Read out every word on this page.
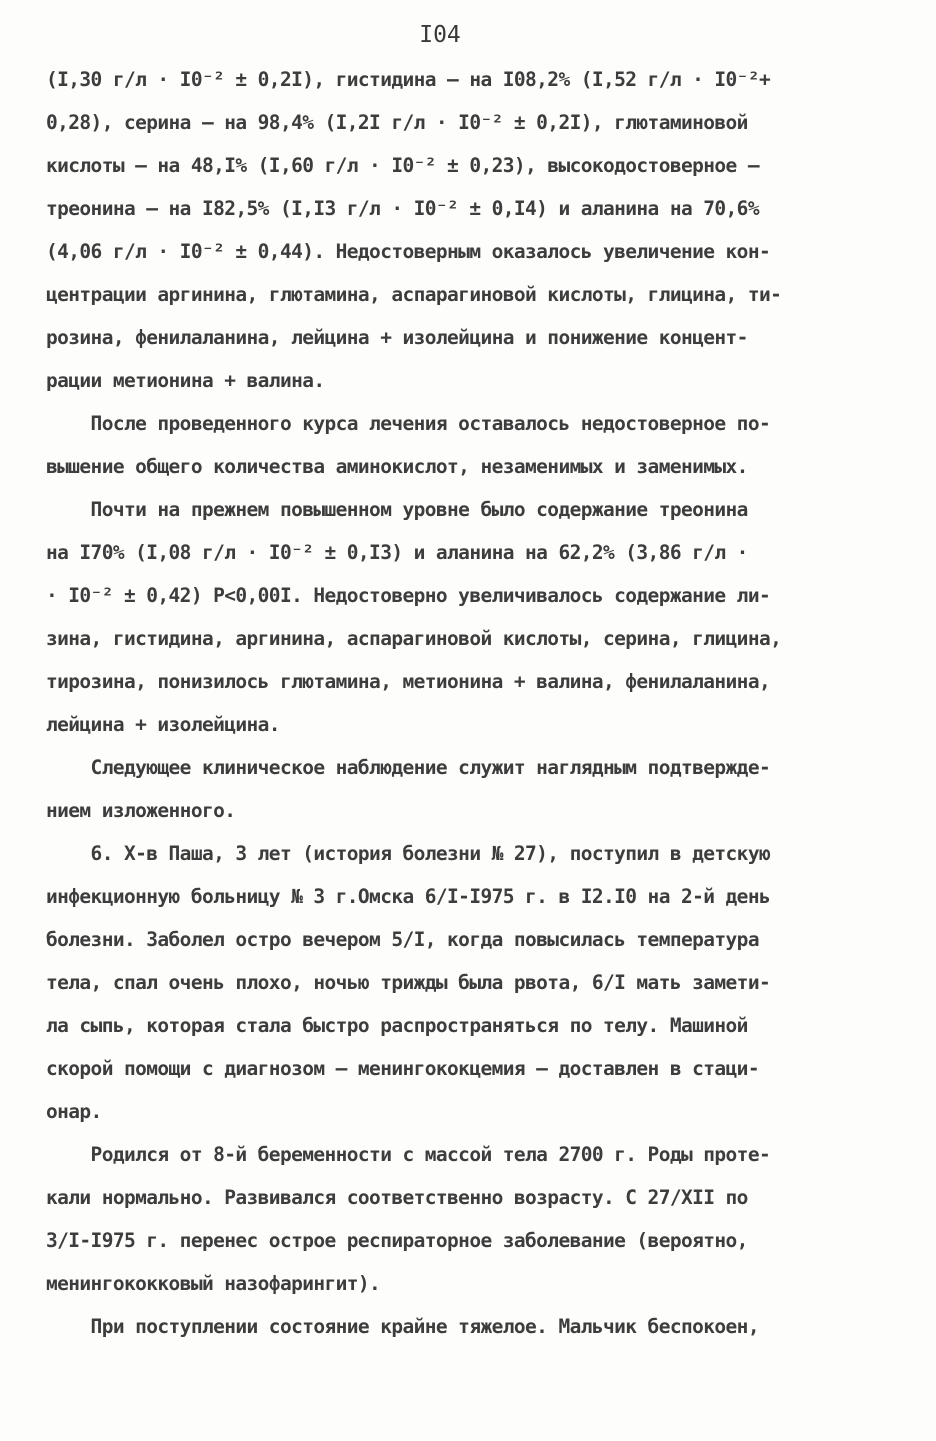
I04
(I,30 г/л · I0⁻² ± 0,2I), гистидина – на I08,2% (I,52 г/л · I0⁻²+
0,28), серина – на 98,4% (I,2I г/л · I0⁻² ± 0,2I), глютаминовой
кислоты – на 48,I% (I,60 г/л · I0⁻² ± 0,23), высокодостоверное –
треонина – на I82,5% (I,I3 г/л · I0⁻² ± 0,I4) и аланина на 70,6%
(4,06 г/л · I0⁻² ± 0,44). Недостоверным оказалось увеличение кон-
центрации аргинина, глютамина, аспарагиновой кислоты, глицина, ти-
розина, фенилаланина, лейцина + изолейцина и понижение концент-
рации метионина + валина.
После проведенного курса лечения оставалось недостоверное по-
вышение общего количества аминокислот, незаменимых и заменимых.
Почти на прежнем повышенном уровне было содержание треонина
на I70% (I,08 г/л · I0⁻² ± 0,I3) и аланина на 62,2% (3,86 г/л ·
· I0⁻² ± 0,42) P<0,00I. Недостоверно увеличивалось содержание ли-
зина, гистидина, аргинина, аспарагиновой кислоты, серина, глицина,
тирозина, понизилось глютамина, метионина + валина, фенилаланина,
лейцина + изолейцина.
Следующее клиническое наблюдение служит наглядным подтвержде-
нием изложенного.
6. Х-в Паша, 3 лет (история болезни № 27), поступил в детскую
инфекционную больницу № 3 г.Омска 6/I-I975 г. в I2.I0 на 2-й день
болезни. Заболел остро вечером 5/I, когда повысилась температура
тела, спал очень плохо, ночью трижды была рвота, 6/I мать замети-
ла сыпь, которая стала быстро распространяться по телу. Машиной
скорой помощи с диагнозом – менингококцемия – доставлен в стаци-
онар.
Родился от 8-й беременности с массой тела 2700 г. Роды проте-
кали нормально. Развивался соответственно возрасту. С 27/XII по
3/I-I975 г. перенес острое респираторное заболевание (вероятно,
менингококковый назофарингит).
При поступлении состояние крайне тяжелое. Мальчик беспокоен,
